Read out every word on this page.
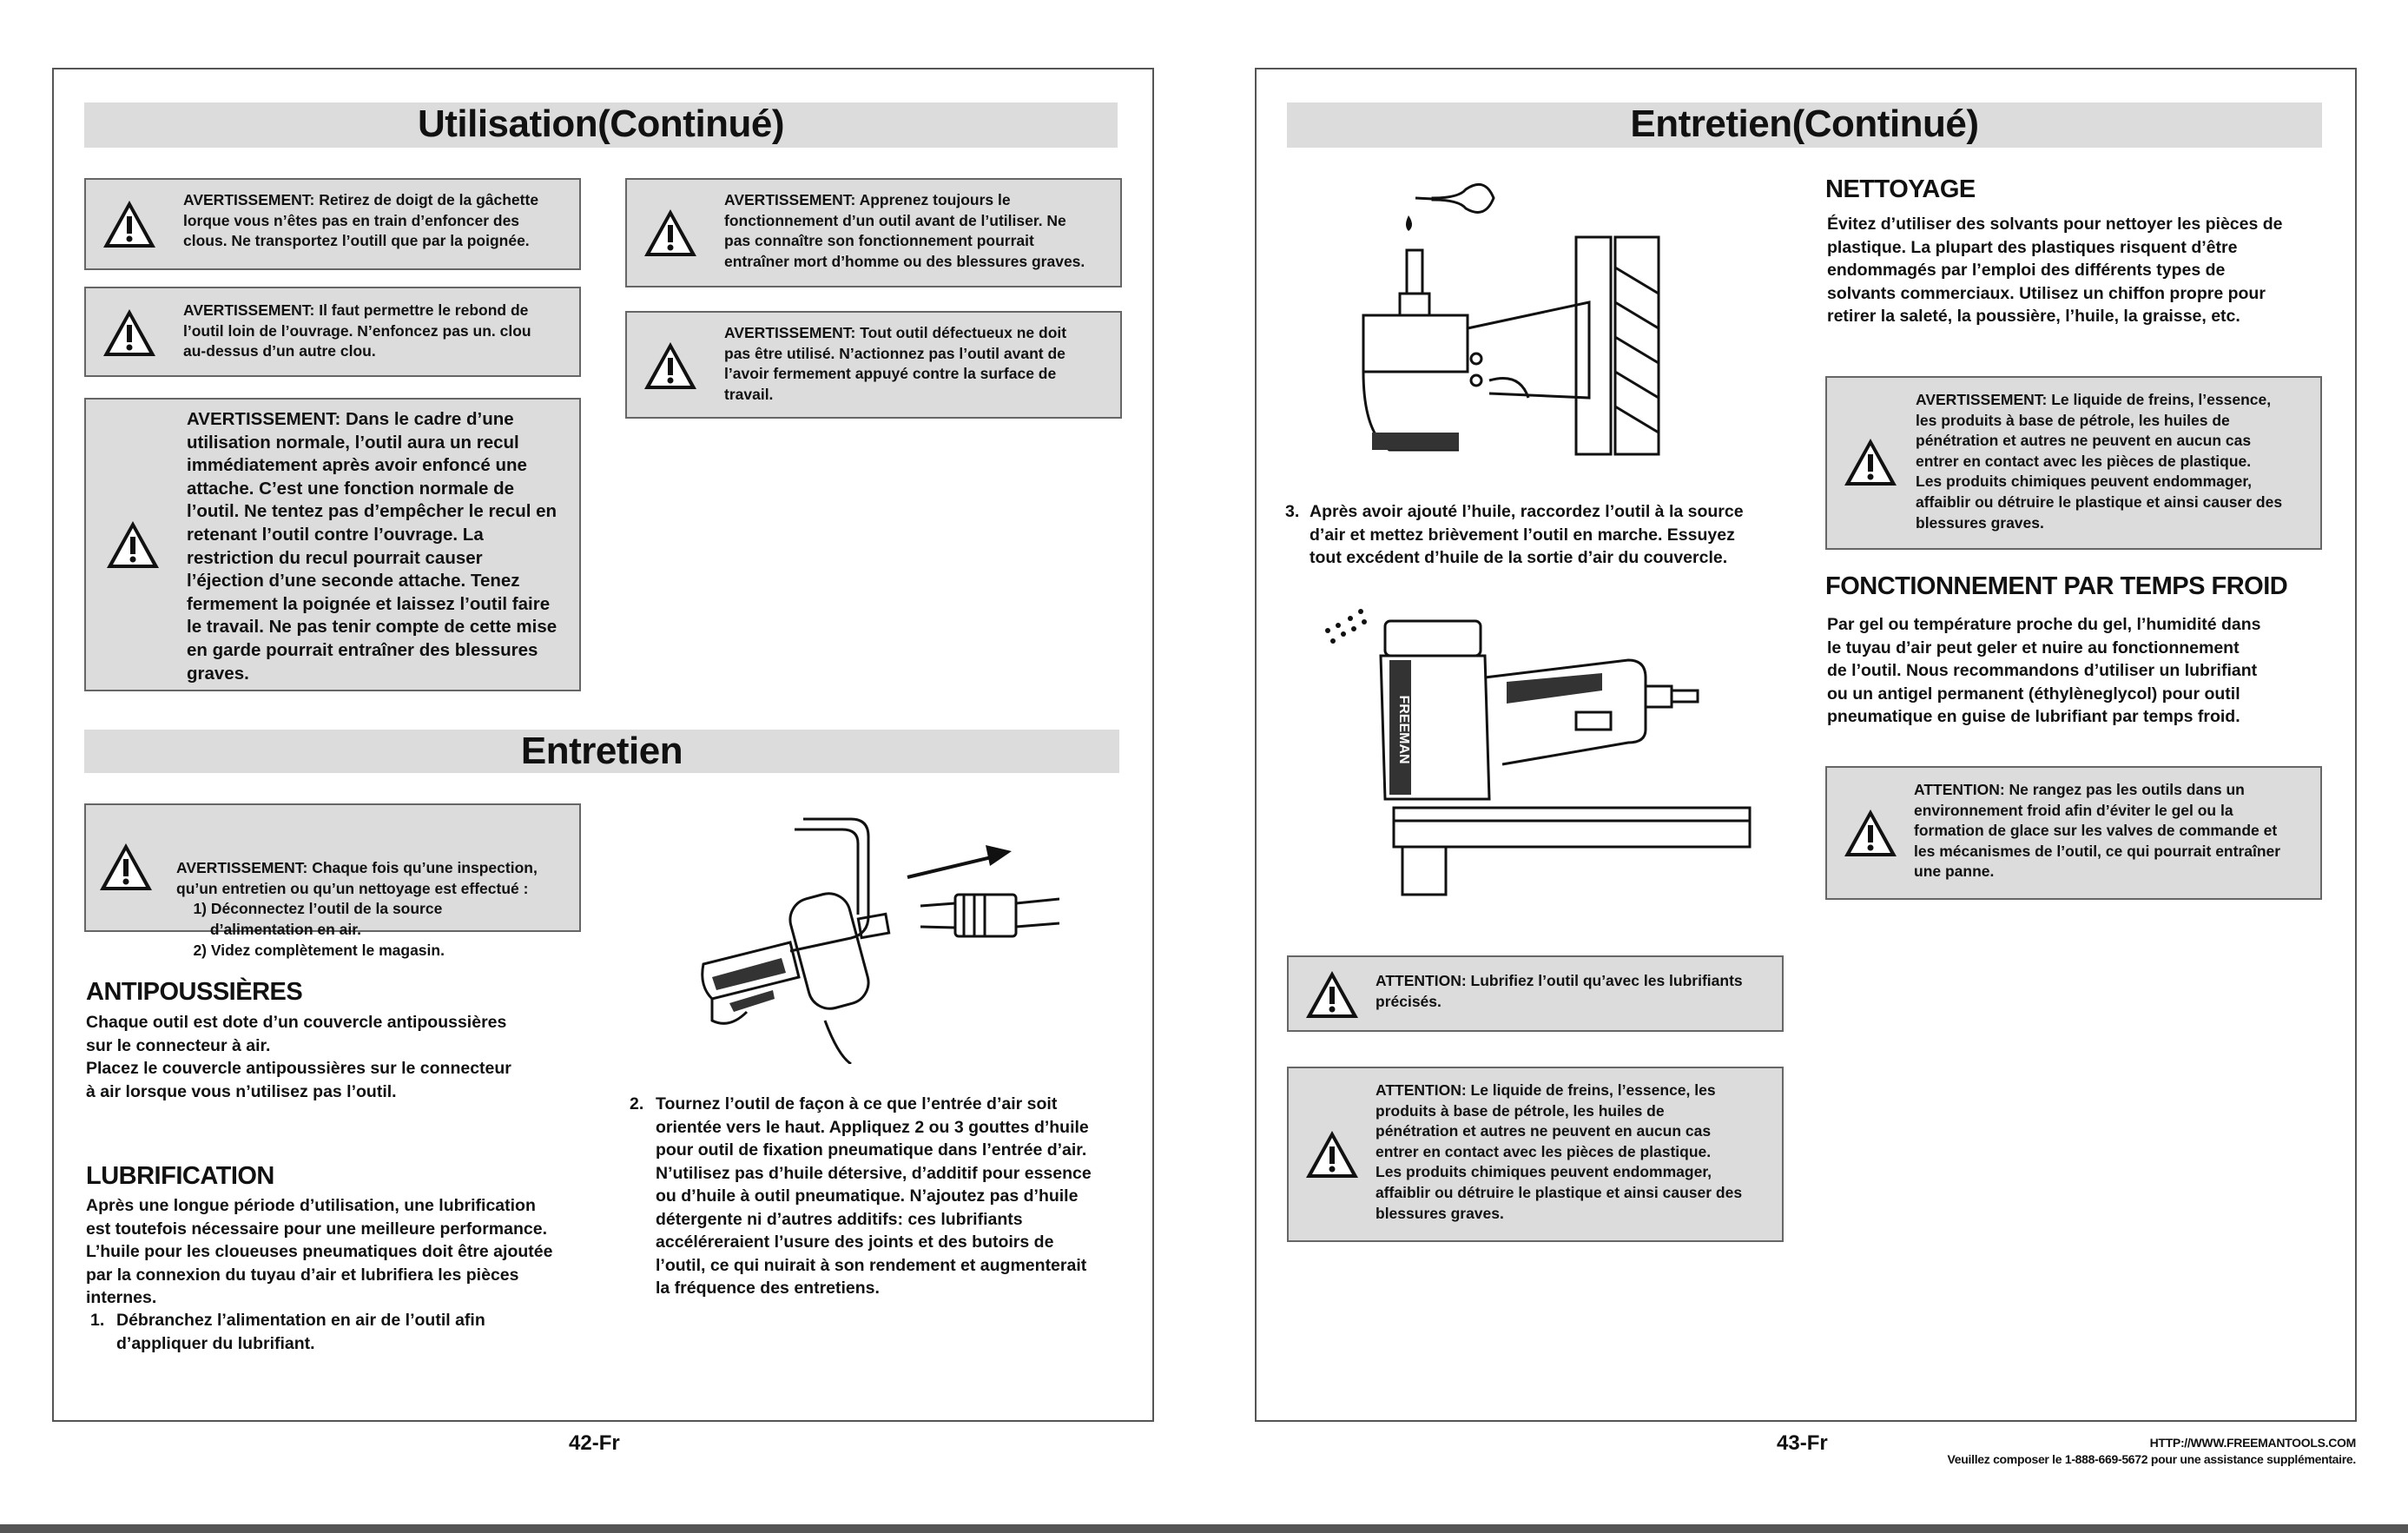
Utilisation(Continué)
AVERTISSEMENT: Retirez de doigt de la gâchette
lorque vous n’êtes pas en train d’enfoncer des
clous. Ne transportez l’outill que par la poignée.
AVERTISSEMENT: Il faut permettre le rebond de
l’outil loin de l’ouvrage. N’enfoncez pas un. clou
au-dessus d’un autre clou.
AVERTISSEMENT: Dans le cadre d’une
utilisation normale, l’outil aura un recul
immédiatement après avoir enfoncé une
attache. C’est une fonction normale de
l’outil. Ne tentez pas d’empêcher le recul en
retenant l’outil contre l’ouvrage. La
restriction du recul pourrait causer
l’éjection d’une seconde attache. Tenez
fermement la poignée et laissez l’outil faire
le travail. Ne pas tenir compte de cette mise
en garde pourrait entraîner des blessures
graves.
AVERTISSEMENT: Apprenez toujours le
fonctionnement d’un outil avant de l’utiliser. Ne
pas connaître son fonctionnement pourrait
entraîner mort d’homme ou des blessures graves.
AVERTISSEMENT: Tout outil défectueux ne doit
pas être utilisé. N’actionnez pas l’outil avant de
l’avoir fermement appuyé contre la surface de
travail.
Entretien

AVERTISSEMENT: Chaque fois qu’une inspection,
qu’un entretien ou qu’un nettoyage est effectué :
1) Déconnectez l’outil de la source
d’alimentation en air.
2) Videz complètement le magasin.

ANTIPOUSSIÈRES
Chaque outil est dote d’un couvercle antipoussières
sur le connecteur à air.
Placez le couvercle antipoussières sur le connecteur
à air lorsque vous n’utilisez pas l’outil.
LUBRIFICATION
Après une longue période d’utilisation, une lubrification
est toutefois nécessaire pour une meilleure performance.
L’huile pour les cloueuses pneumatiques doit être ajoutée
par la connexion du tuyau d’air et lubrifiera les pièces
internes.
1. Débranchez l’alimentation en air de l’outil afin
d’appliquer du lubrifiant.
2. Tournez l’outil de façon à ce que l’entrée d’air soit
orientée vers le haut. Appliquez 2 ou 3 gouttes d’huile
pour outil de fixation pneumatique dans l’entrée d’air.
N’utilisez pas d’huile détersive, d’additif pour essence
ou d’huile à outil pneumatique. N’ajoutez pas d’huile
détergente ni d’autres additifs: ces lubrifiants
accéléreraient l’usure des joints et des butoirs de
l’outil, ce qui nuirait à son rendement et augmenterait
la fréquence des entretiens.
42-Fr
Entretien(Continué)
3. Après avoir ajouté l’huile, raccordez l’outil à la source
d’air et mettez brièvement l’outil en marche. Essuyez
tout excédent d’huile de la sortie d’air du couvercle.
FREEMAN
ATTENTION: Lubrifiez l’outil qu’avec les lubrifiants
précisés.
ATTENTION: Le liquide de freins, l’essence, les
produits à base de pétrole, les huiles de
pénétration et autres ne peuvent en aucun cas
entrer en contact avec les pièces de plastique.
Les produits chimiques peuvent endommager,
affaiblir ou détruire le plastique et ainsi causer des
blessures graves.
NETTOYAGE
Évitez d’utiliser des solvants pour nettoyer les pièces de
plastique. La plupart des plastiques risquent d’être
endommagés par l’emploi des différents types de
solvants commerciaux. Utilisez un chiffon propre pour
retirer la saleté, la poussière, l’huile, la graisse, etc.
AVERTISSEMENT: Le liquide de freins, l’essence,
les produits à base de pétrole, les huiles de
pénétration et autres ne peuvent en aucun cas
entrer en contact avec les pièces de plastique.
Les produits chimiques peuvent endommager,
affaiblir ou détruire le plastique et ainsi causer des
blessures graves.
FONCTIONNEMENT PAR TEMPS FROID
Par gel ou température proche du gel, l’humidité dans
le tuyau d’air peut geler et nuire au fonctionnement
de l’outil. Nous recommandons d’utiliser un lubrifiant
ou un antigel permanent (éthylèneglycol) pour outil
pneumatique en guise de lubrifiant par temps froid.
ATTENTION: Ne rangez pas les outils dans un
environnement froid afin d’éviter le gel ou la
formation de glace sur les valves de commande et
les mécanismes de l’outil, ce qui pourrait entraîner
une panne.
43-Fr	HTTP://WWW.FREEMANTOOLS.COM
Veuillez composer le 1-888-669-5672 pour une assistance supplémentaire.
